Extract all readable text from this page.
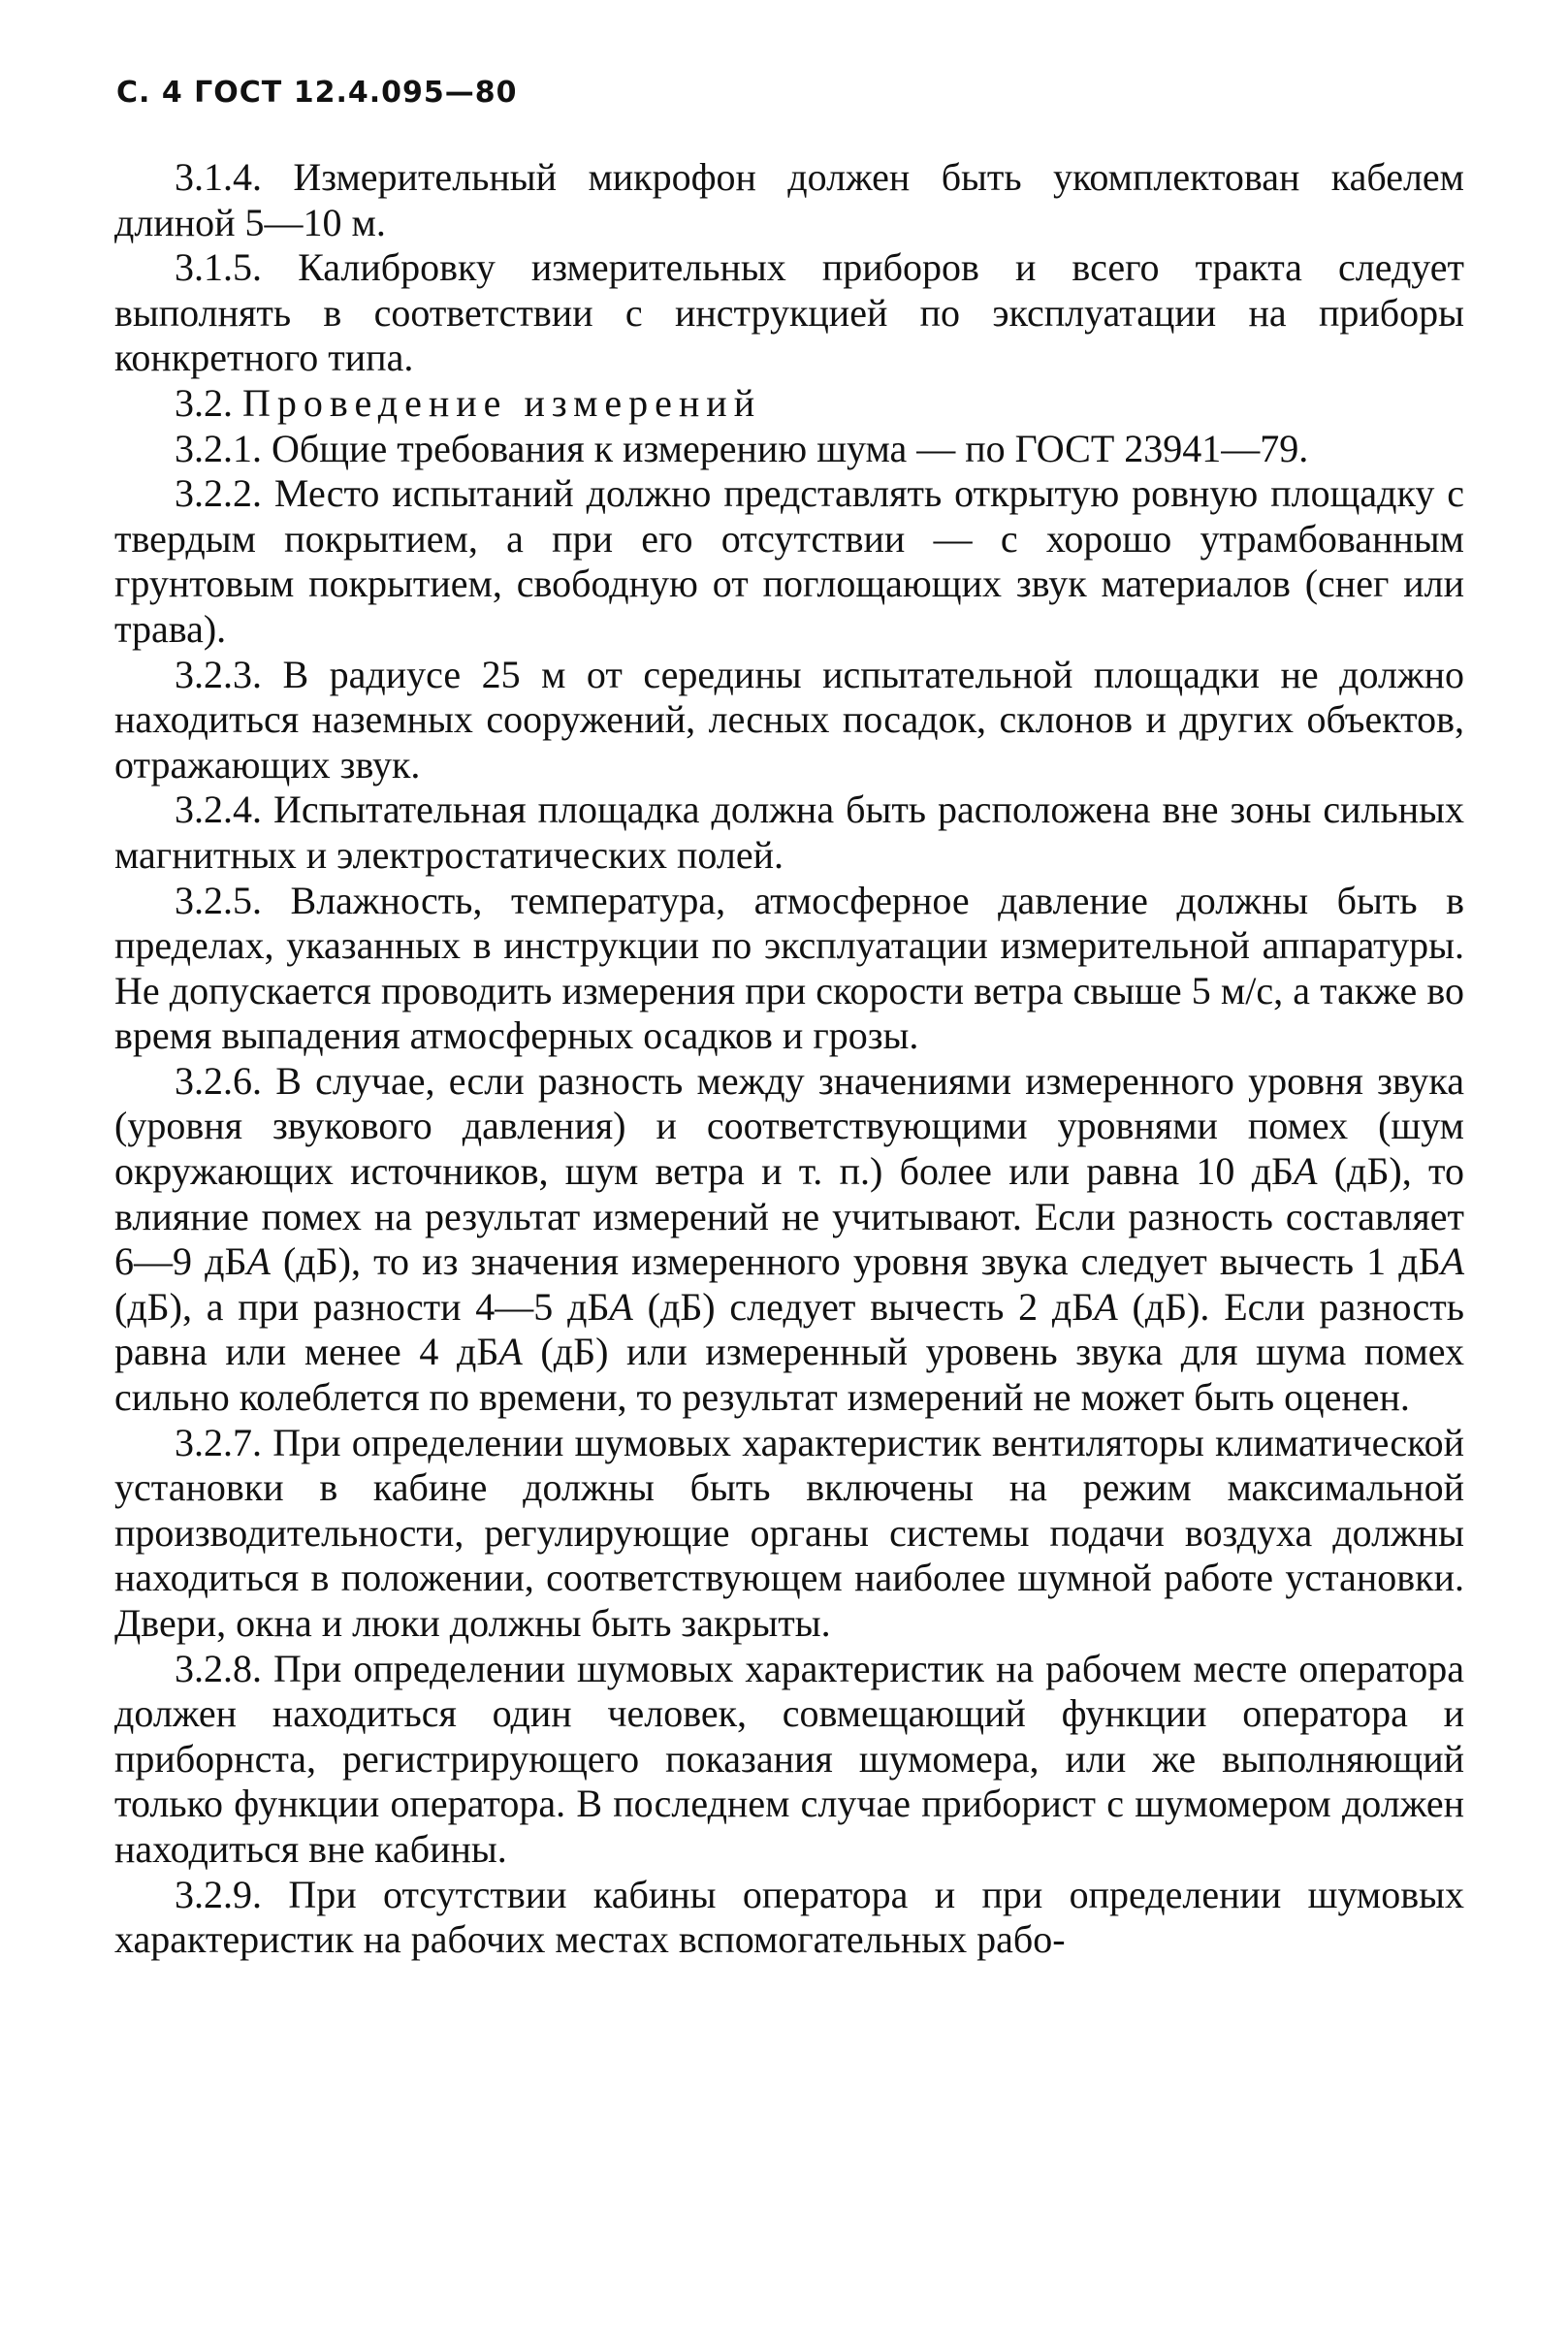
С. 4 ГОСТ 12.4.095—80

3.1.4. Измерительный микрофон должен быть укомплектован кабелем длиной 5—10 м.

3.1.5. Калибровку измерительных приборов и всего тракта следует выполнять в соответствии с инструкцией по эксплуатации на приборы конкретного типа.

3.2. Проведение измерений

3.2.1. Общие требования к измерению шума — по ГОСТ 23941—79.

3.2.2. Место испытаний должно представлять открытую ровную площадку с твердым покрытием, а при его отсутствии — с хорошо утрамбованным грунтовым покрытием, свободную от поглощающих звук материалов (снег или трава).

3.2.3. В радиусе 25 м от середины испытательной площадки не должно находиться наземных сооружений, лесных посадок, склонов и других объектов, отражающих звук.

3.2.4. Испытательная площадка должна быть расположена вне зоны сильных магнитных и электростатических полей.

3.2.5. Влажность, температура, атмосферное давление должны быть в пределах, указанных в инструкции по эксплуатации измерительной аппаратуры. Не допускается проводить измерения при скорости ветра свыше 5 м/с, а также во время выпадения атмосферных осадков и грозы.

3.2.6. В случае, если разность между значениями измеренного уровня звука (уровня звукового давления) и соответствующими уровнями помех (шум окружающих источников, шум ветра и т. п.) более или равна 10 дБА (дБ), то влияние помех на результат измерений не учитывают. Если разность составляет 6—9 дБА (дБ), то из значения измеренного уровня звука следует вычесть 1 дБА (дБ), а при разности 4—5 дБА (дБ) следует вычесть 2 дБА (дБ). Если разность равна или менее 4 дБА (дБ) или измеренный уровень звука для шума помех сильно колеблется по времени, то результат измерений не может быть оценен.

3.2.7. При определении шумовых характеристик вентиляторы климатической установки в кабине должны быть включены на режим максимальной производительности, регулирующие органы системы подачи воздуха должны находиться в положении, соответствующем наиболее шумной работе установки. Двери, окна и люки должны быть закрыты.

3.2.8. При определении шумовых характеристик на рабочем месте оператора должен находиться один человек, совмещающий функции оператора и приборнста, регистрирующего показания шумомера, или же выполняющий только функции оператора. В последнем случае приборист с шумомером должен находиться вне кабины.

3.2.9. При отсутствии кабины оператора и при определении шумовых характеристик на рабочих местах вспомогательных рабо-
